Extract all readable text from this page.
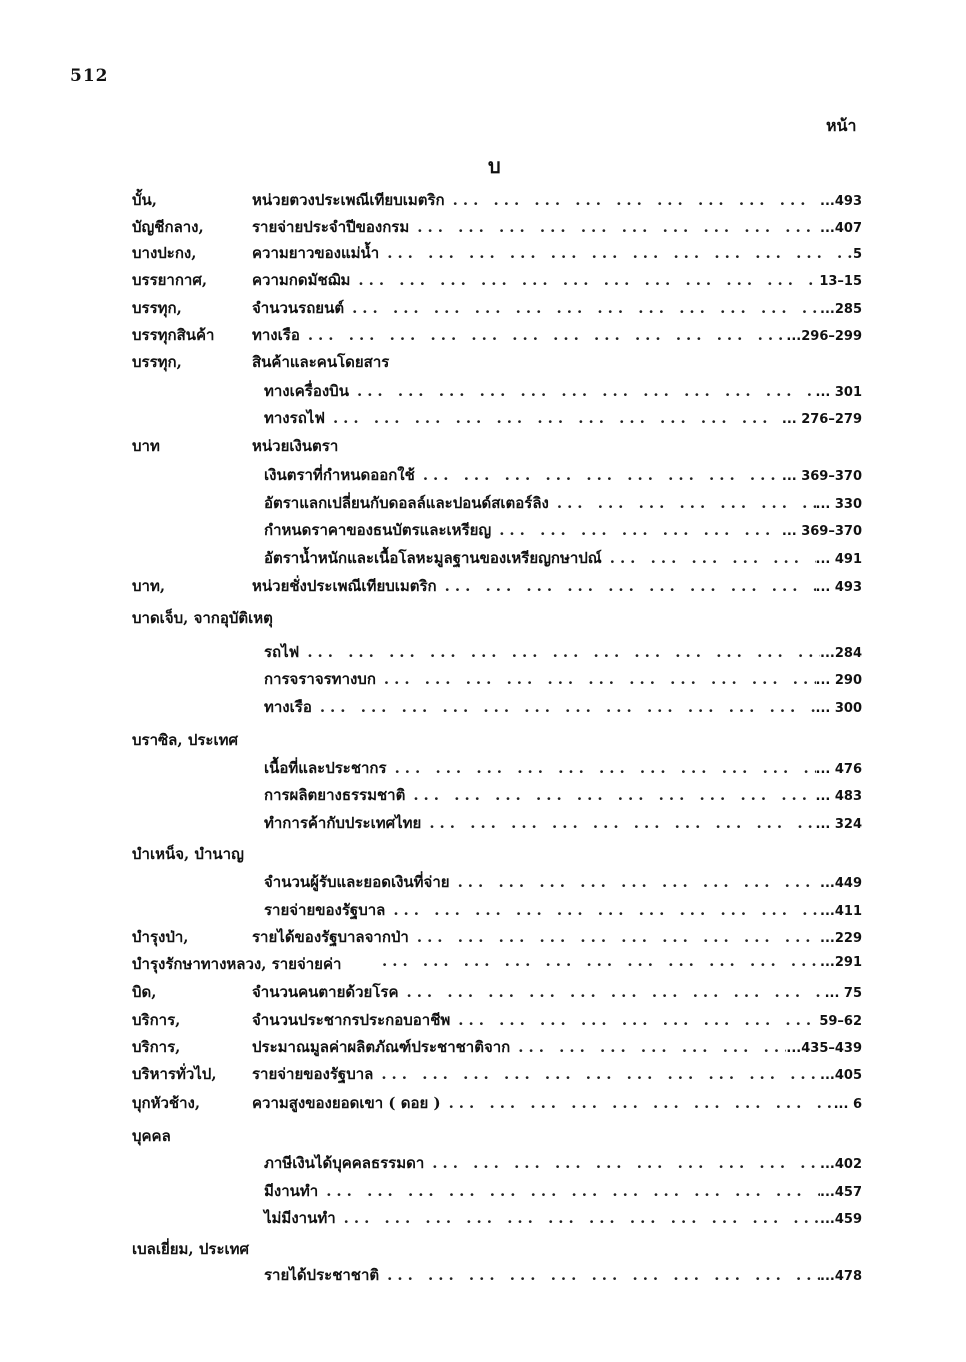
512
หน้า
บ
บั้น,	หน่วยตวงประเพณีเทียบเมตริก ... .	...493
บัญชีกลาง,	รายจ่ายประจำปีของกรม ... .	...407
บางปะกง,	ความยาวของแม่น้ำ ... .	5
บรรยากาศ,	ความกดมัชฌิม ... .	13–15
บรรทุก,	จำนวนรถยนต์ ... .	...285
บรรทุกสินค้า	ทางเรือ ... .	...296–299
บรรทุก,	สินค้าและคนโดยสาร
ทางเครื่องบิน ... .	... 301
ทางรถไฟ ... .	... 276–279
บาท	หน่วยเงินตรา
เงินตราที่กำหนดออกใช้ ... .	... 369–370
อัตราแลกเปลี่ยนกับดอลล์และปอนด์สเตอร์ลิง ... .	... 330
กำหนดราคาของธนบัตรและเหรียญ ... .	... 369–370
อัตราน้ำหนักและเนื้อโลหะมูลฐานของเหรียญกษาปณ์ ... .	... 491
บาท,	หน่วยชั่งประเพณีเทียบเมตริก ... .	... 493
บาดเจ็บ, จากอุบัติเหตุ
รถไฟ ... .	...284
การจราจรทางบก ... .	... 290
ทางเรือ ... .	... 300
บราซิล, ประเทศ
เนื้อที่และประชากร ... .	... 476
การผลิตยางธรรมชาติ ... .	... 483
ทำการค้ากับประเทศไทย ... .	... 324
บำเหน็จ, บำนาญ
จำนวนผู้รับและยอดเงินที่จ่าย ... .	...449
รายจ่ายของรัฐบาล ... .	...411
บำรุงป่า,	รายได้ของรัฐบาลจากป่า ... .	...229
บำรุงรักษาทางหลวง, รายจ่ายค่า ... .	...291
บิด,	จำนวนคนตายด้วยโรค ... .	... 75
บริการ,	จำนวนประชากรประกอบอาชีพ ... .	59–62
บริการ,	ประมาณมูลค่าผลิตภัณฑ์ประชาชาติจาก ... .	...435–439
บริหารทั่วไป, รายจ่ายของรัฐบาล ... .	...405
บุกหัวช้าง,	ความสูงของยอดเขา ( ดอย ) ... .	... 6
บุคคล
ภาษีเงินได้บุคคลธรรมดา ... .	...402
มีงานทำ ... .	...457
ไม่มีงานทำ ... .	...459
เบลเยี่ยม, ประเทศ
รายได้ประชาชาติ ... .	...478
